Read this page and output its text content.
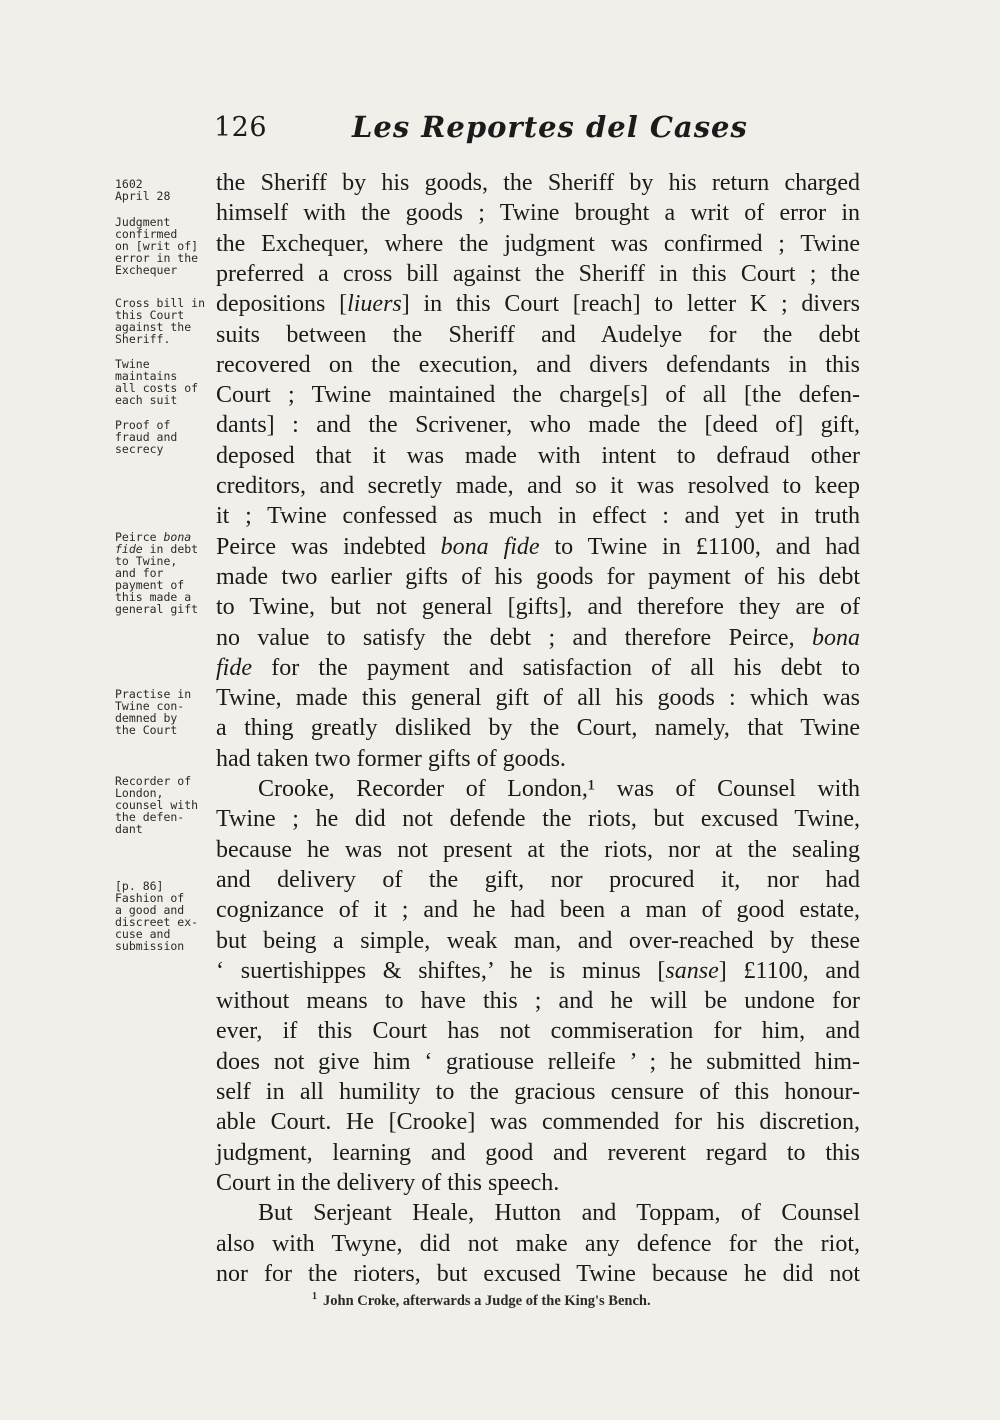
126	Les Reportes del Cases
1602
April 28
Judgment
confirmed
on [writ of]
error in the
Exchequer
Cross bill in
this Court
against the
Sheriff.
Twine
maintains
all costs of
each suit
Proof of
fraud and
secrecy
Peirce bona
fide in debt
to Twine,
and for
payment of
this made a
general gift
Practise in
Twine con-
demned by
the Court
Recorder of
London,
counsel with
the defen-
dant
[p. 86]
Fashion of
a good and
discreet ex-
cuse and
submission
the Sheriff by his goods, the Sheriff by his return charged
himself with the goods ; Twine brought a writ of error in
the Exchequer, where the judgment was confirmed ; Twine
preferred a cross bill against the Sheriff in this Court ; the
depositions [liuers] in this Court [reach] to letter K ; divers
suits between the Sheriff and Audelye for the debt
recovered on the execution, and divers defendants in this
Court ; Twine maintained the charge[s] of all [the defen-
dants] : and the Scrivener, who made the [deed of] gift,
deposed that it was made with intent to defraud other
creditors, and secretly made, and so it was resolved to keep
it ; Twine confessed as much in effect : and yet in truth
Peirce was indebted bona fide to Twine in £1100, and had
made two earlier gifts of his goods for payment of his debt
to Twine, but not general [gifts], and therefore they are of
no value to satisfy the debt ; and therefore Peirce, bona
fide for the payment and satisfaction of all his debt to
Twine, made this general gift of all his goods : which was
a thing greatly disliked by the Court, namely, that Twine
had taken two former gifts of goods.
Crooke, Recorder of London,¹ was of Counsel with
Twine ; he did not defende the riots, but excused Twine,
because he was not present at the riots, nor at the sealing
and delivery of the gift, nor procured it, nor had
cognizance of it ; and he had been a man of good estate,
but being a simple, weak man, and over-reached by these
‘ suertishippes & shiftes,’ he is minus [sanse] £1100, and
without means to have this ; and he will be undone for
ever, if this Court has not commiseration for him, and
does not give him ‘ gratiouse relleife ’ ; he submitted him-
self in all humility to the gracious censure of this honour-
able Court. He [Crooke] was commended for his discretion,
judgment, learning and good and reverent regard to this
Court in the delivery of this speech.
But Serjeant Heale, Hutton and Toppam, of Counsel
also with Twyne, did not make any defence for the riot,
nor for the rioters, but excused Twine because he did not
$^1$ John Croke, afterwards a Judge of the King's Bench.
